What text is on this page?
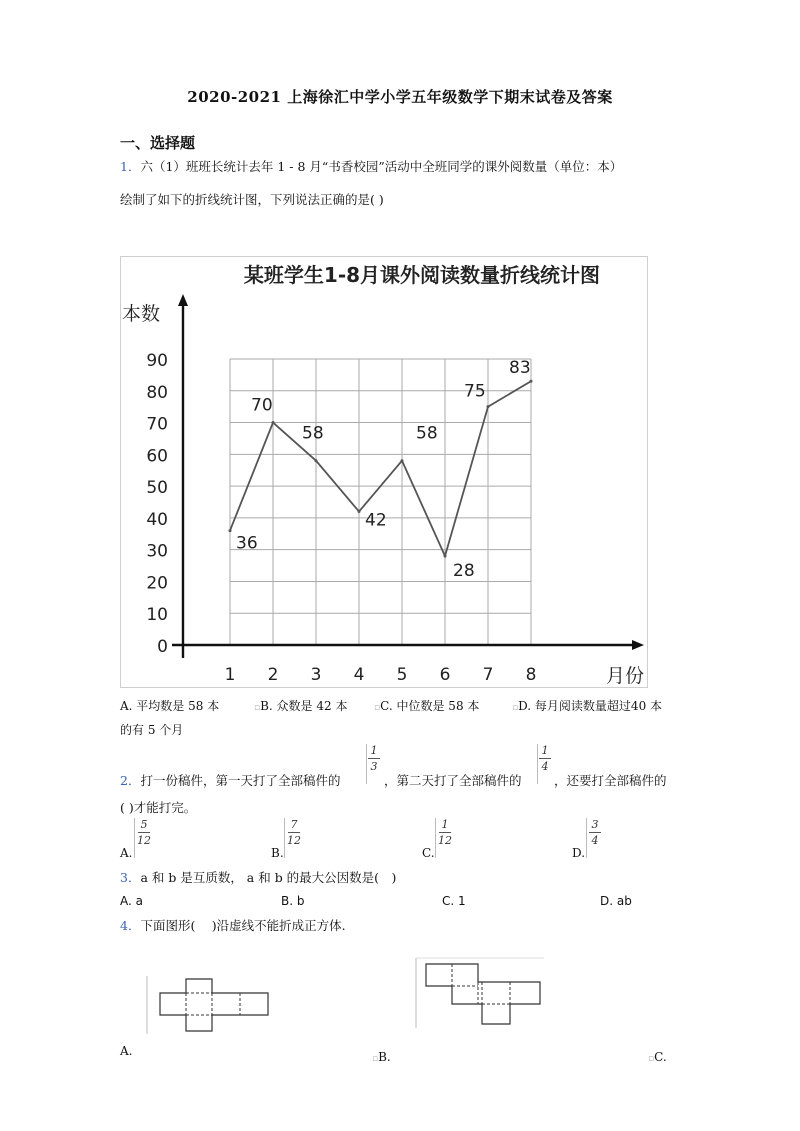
2020-2021 上海徐汇中学小学五年级数学下期末试卷及答案
一、选择题
1．六（1）班班长统计去年 1 - 8 月“书香校园”活动中全班同学的课外阅数量（单位：本）
绘制了如下的折线统计图，下列说法正确的是( )
某班学生1-8月课外阅读数量折线统计图
本数
月份
0
10
20
30
40
50
60
70
80
90
1 2 3 4 5 6 7 8
36
70
58
42
58
28
75
83
A. 平均数是 58 本	▫B. 众数是 42 本	▫C. 中位数是 58 本	▫D. 每月阅读数量超过40 本
的有 5 个月
2．打一份稿件，第一天打了全部稿件的
1
3
，第二天打了全部稿件的
1
4
，还要打全部稿件的
( )才能打完。
A.
5
12
B.
7
12
C.
1
12
D.
3
4
3．a 和 b 是互质数， a 和 b 的最大公因数是(　)
A. a	B. b	C. 1	D. ab
4．下面图形(　 )沿虚线不能折成正方体.
A.
▫B.	▫C.
